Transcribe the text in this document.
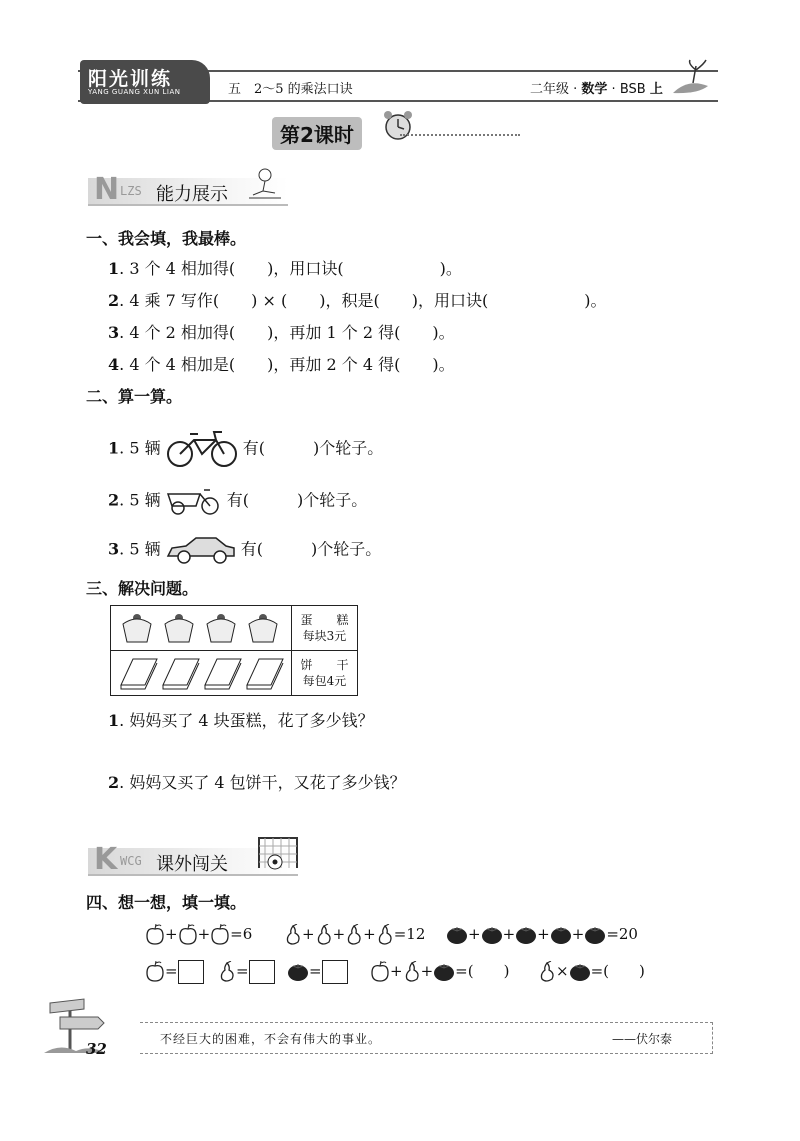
阳光训练
YANG GUANG XUN LIAN	五　2～5 的乘法口诀	二年级 · 数学 · BSB 上
第2课时
N LZS 能力展示
一、我会填，我最棒。
1. 3 个 4 相加得(　　)，用口诀(　　　　　　)。
2. 4 乘 7 写作(　　) × (　　)，积是(　　)，用口诀(　　　　　　)。
3. 4 个 2 相加得(　　)，再加 1 个 2 得(　　)。
4. 4 个 4 相加是(　　)，再加 2 个 4 得(　　)。
二、算一算。
1. 5 辆	有(　　　)个轮子。
2. 5 辆	有(　　　)个轮子。
3. 5 辆	有(　　　)个轮子。
三、解决问题。

蛋　　糕
每块3元

饼　　干
每包4元
1. 妈妈买了 4 块蛋糕，花了多少钱？
2. 妈妈又买了 4 包饼干，又花了多少钱？
K WCG 课外闯关
四、想一想，填一填。
+ + =6	+ + + =12	+ + + + =20
=	=	=	+ + =(　　)	× =(　　)
32
不经巨大的困难，不会有伟大的事业。	——伏尔泰
